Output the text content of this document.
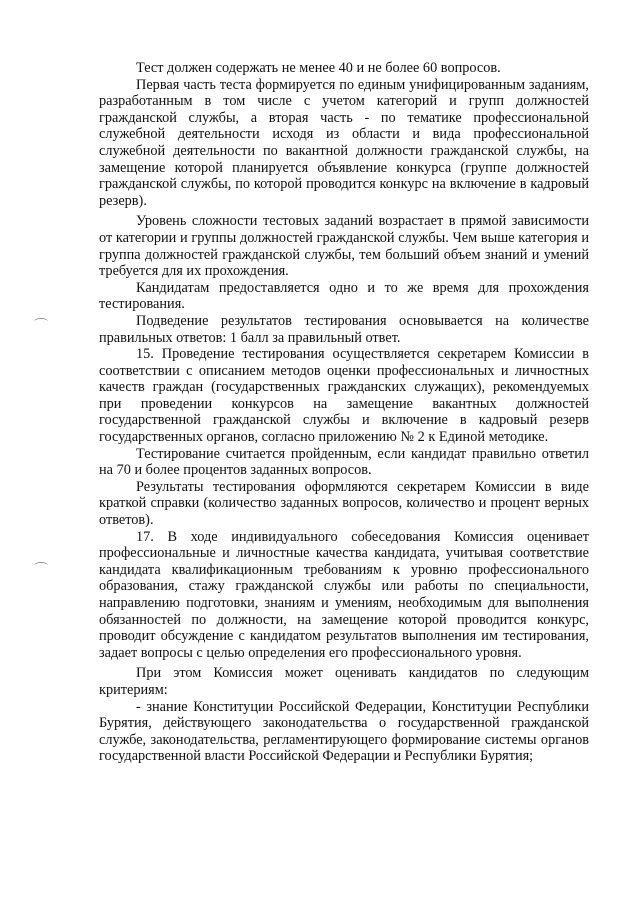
Тест должен содержать не менее 40 и не более 60 вопросов.

Первая часть теста формируется по единым унифицированным заданиям, разработанным в том числе с учетом категорий и групп должностей гражданской службы, а вторая часть - по тематике профессиональной служебной деятельности исходя из области и вида профессиональной служебной деятельности по вакантной должности гражданской службы, на замещение которой планируется объявление конкурса (группе должностей гражданской службы, по которой проводится конкурс на включение в кадровый резерв).

Уровень сложности тестовых заданий возрастает в прямой зависимости от категории и группы должностей гражданской службы. Чем выше категория и группа должностей гражданской службы, тем больший объем знаний и умений требуется для их прохождения.

Кандидатам предоставляется одно и то же время для прохождения тестирования.

Подведение результатов тестирования основывается на количестве правильных ответов: 1 балл за правильный ответ.

15. Проведение тестирования осуществляется секретарем Комиссии в соответствии с описанием методов оценки профессиональных и личностных качеств граждан (государственных гражданских служащих), рекомендуемых при проведении конкурсов на замещение вакантных должностей государственной гражданской службы и включение в кадровый резерв государственных органов, согласно приложению № 2 к Единой методике.

Тестирование считается пройденным, если кандидат правильно ответил на 70 и более процентов заданных вопросов.

Результаты тестирования оформляются секретарем Комиссии в виде краткой справки (количество заданных вопросов, количество и процент верных ответов).

17. В ходе индивидуального собеседования Комиссия оценивает профессиональные и личностные качества кандидата, учитывая соответствие кандидата квалификационным требованиям к уровню профессионального образования, стажу гражданской службы или работы по специальности, направлению подготовки, знаниям и умениям, необходимым для выполнения обязанностей по должности, на замещение которой проводится конкурс, проводит обсуждение с кандидатом результатов выполнения им тестирования, задает вопросы с целью определения его профессионального уровня.

При этом Комиссия может оценивать кандидатов по следующим критериям:

- знание Конституции Российской Федерации, Конституции Республики Бурятия, действующего законодательства о государственной гражданской службе, законодательства, регламентирующего формирование системы органов государственной власти Российской Федерации и Республики Бурятия;
